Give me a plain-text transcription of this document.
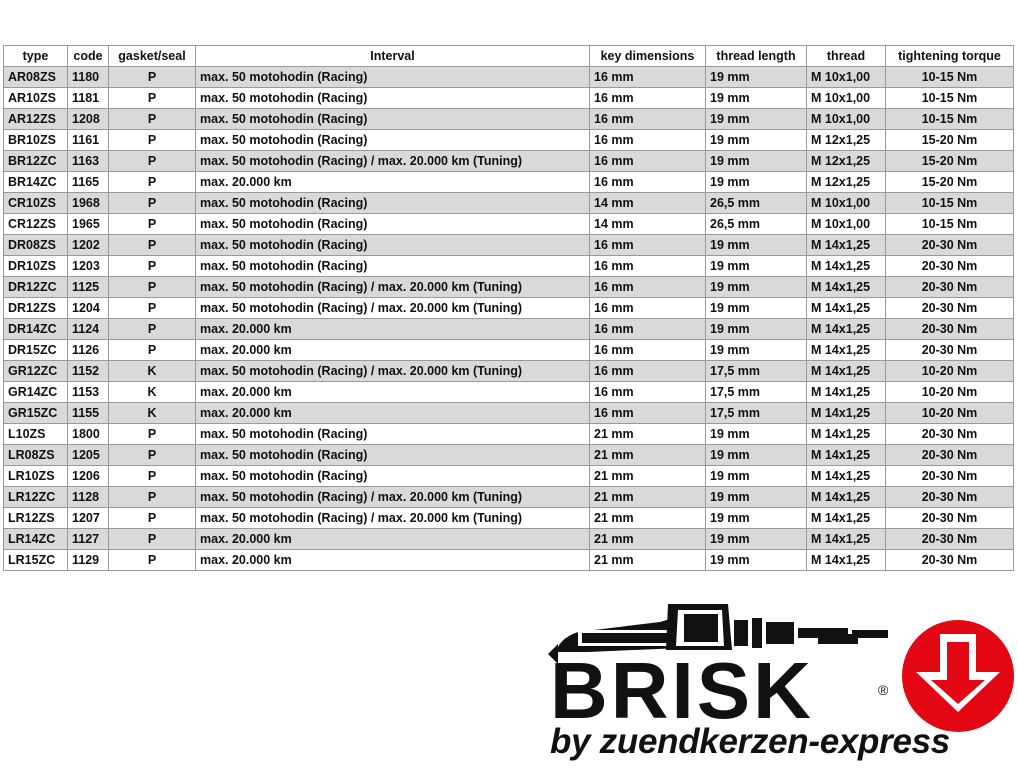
type	code	gasket/seal	Interval	key dimensions	thread length	thread	tightening torque
AR08ZS	1180	P	max. 50 motohodin (Racing)	16 mm	19 mm	M 10x1,00	10-15 Nm
AR10ZS	1181	P	max. 50 motohodin (Racing)	16 mm	19 mm	M 10x1,00	10-15 Nm
AR12ZS	1208	P	max. 50 motohodin (Racing)	16 mm	19 mm	M 10x1,00	10-15 Nm
BR10ZS	1161	P	max. 50 motohodin (Racing)	16 mm	19 mm	M 12x1,25	15-20 Nm
BR12ZC	1163	P	max. 50 motohodin (Racing) / max. 20.000 km (Tuning)	16 mm	19 mm	M 12x1,25	15-20 Nm
BR14ZC	1165	P	max. 20.000 km	16 mm	19 mm	M 12x1,25	15-20 Nm
CR10ZS	1968	P	max. 50 motohodin (Racing)	14 mm	26,5 mm	M 10x1,00	10-15 Nm
CR12ZS	1965	P	max. 50 motohodin (Racing)	14 mm	26,5 mm	M 10x1,00	10-15 Nm
DR08ZS	1202	P	max. 50 motohodin (Racing)	16 mm	19 mm	M 14x1,25	20-30 Nm
DR10ZS	1203	P	max. 50 motohodin (Racing)	16 mm	19 mm	M 14x1,25	20-30 Nm
DR12ZC	1125	P	max. 50 motohodin (Racing) / max. 20.000 km (Tuning)	16 mm	19 mm	M 14x1,25	20-30 Nm
DR12ZS	1204	P	max. 50 motohodin (Racing) / max. 20.000 km (Tuning)	16 mm	19 mm	M 14x1,25	20-30 Nm
DR14ZC	1124	P	max. 20.000 km	16 mm	19 mm	M 14x1,25	20-30 Nm
DR15ZC	1126	P	max. 20.000 km	16 mm	19 mm	M 14x1,25	20-30 Nm
GR12ZC	1152	K	max. 50 motohodin (Racing) / max. 20.000 km (Tuning)	16 mm	17,5 mm	M 14x1,25	10-20 Nm
GR14ZC	1153	K	max. 20.000 km	16 mm	17,5 mm	M 14x1,25	10-20 Nm
GR15ZC	1155	K	max. 20.000 km	16 mm	17,5 mm	M 14x1,25	10-20 Nm
L10ZS	1800	P	max. 50 motohodin (Racing)	21 mm	19 mm	M 14x1,25	20-30 Nm
LR08ZS	1205	P	max. 50 motohodin (Racing)	21 mm	19 mm	M 14x1,25	20-30 Nm
LR10ZS	1206	P	max. 50 motohodin (Racing)	21 mm	19 mm	M 14x1,25	20-30 Nm
LR12ZC	1128	P	max. 50 motohodin (Racing) / max. 20.000 km (Tuning)	21 mm	19 mm	M 14x1,25	20-30 Nm
LR12ZS	1207	P	max. 50 motohodin (Racing) / max. 20.000 km (Tuning)	21 mm	19 mm	M 14x1,25	20-30 Nm
LR14ZC	1127	P	max. 20.000 km	21 mm	19 mm	M 14x1,25	20-30 Nm
LR15ZC	1129	P	max. 20.000 km	21 mm	19 mm	M 14x1,25	20-30 Nm
BRISK	®
by zuendkerzen-express
